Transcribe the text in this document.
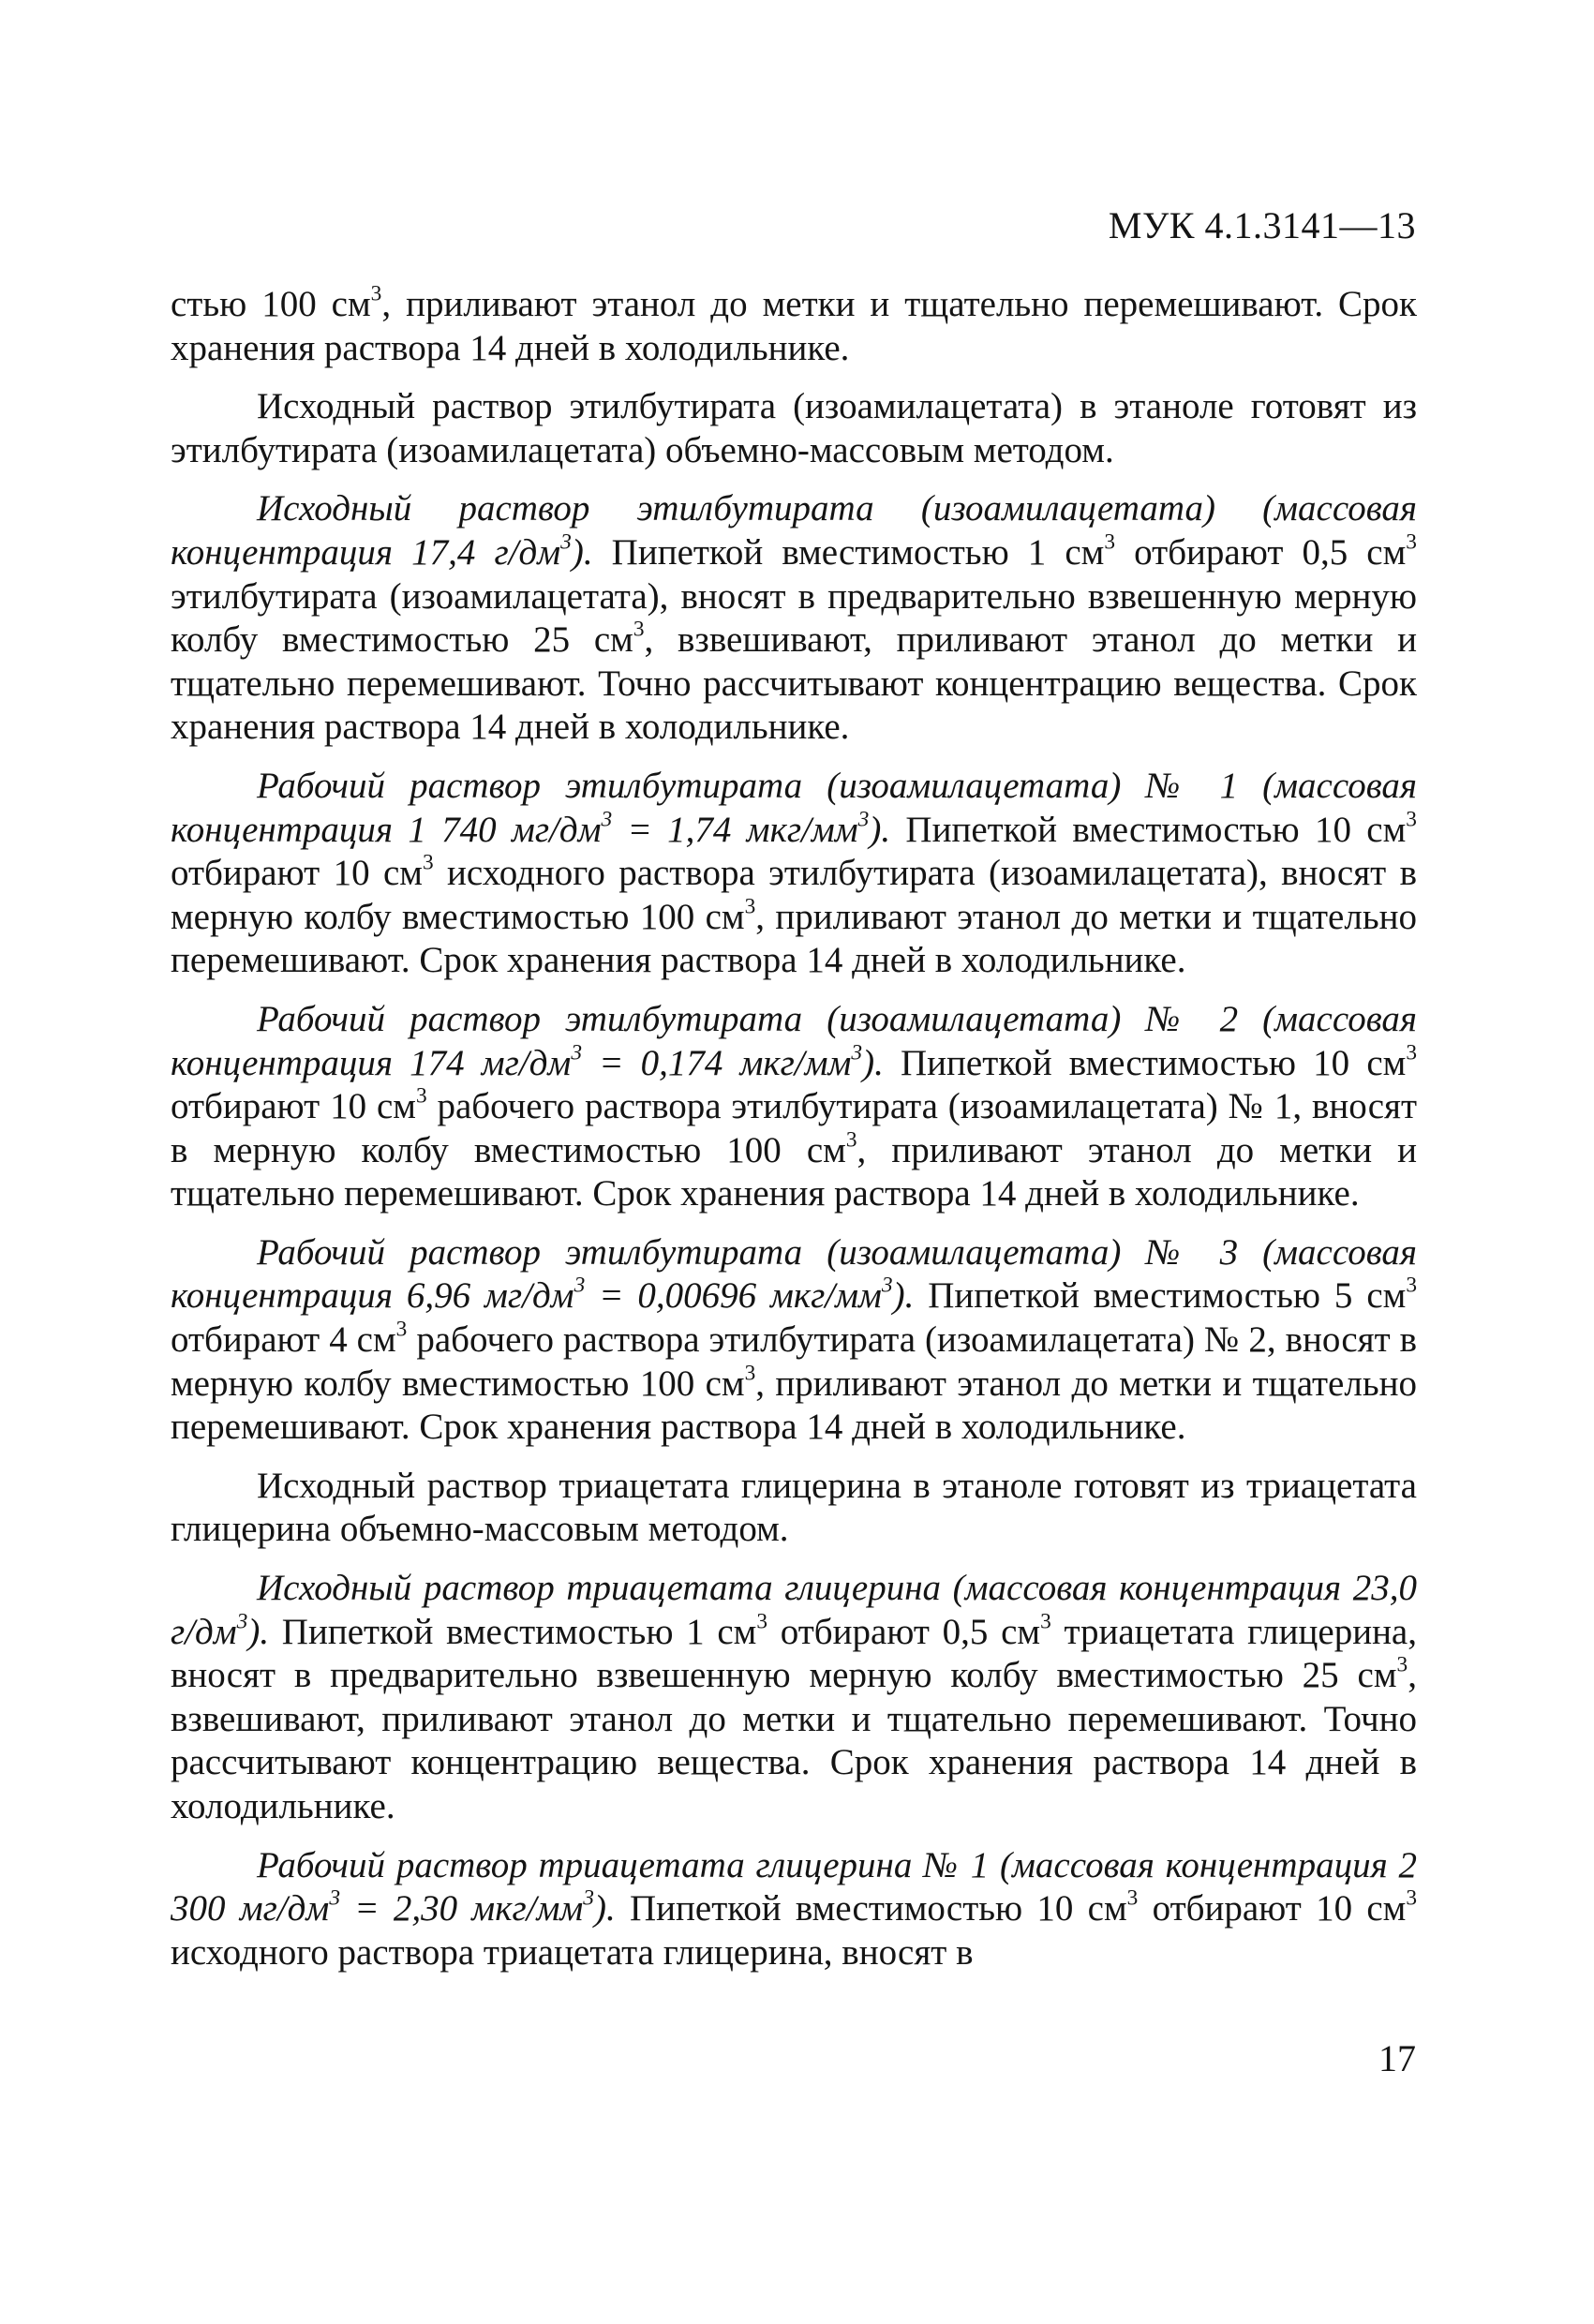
МУК 4.1.3141—13

стью 100 $см^3$, приливают этанол до метки и тщательно перемешивают. Срок хранения раствора 14 дней в холодильнике.

Исходный раствор этилбутирата (изоамилацетата) в этаноле готовят из этилбутирата (изоамилацетата) объемно-массовым методом.

Исходный раствор этилбутирата (изоамилацетата) (массовая концентрация 17,4 $г/дм^3$). Пипеткой вместимостью 1 $см^3$ отбирают 0,5 $см^3$ этилбутирата (изоамилацетата), вносят в предварительно взвешенную мерную колбу вместимостью 25 $см^3$, взвешивают, приливают этанол до метки и тщательно перемешивают. Точно рассчитывают концентрацию вещества. Срок хранения раствора 14 дней в холодильнике.

Рабочий раствор этилбутирата (изоамилацетата) № 1 (массовая концентрация 1 740 $мг/дм^3 = 1,74$ мкг/$мм^3$). Пипеткой вместимостью 10 $см^3$ отбирают 10 $см^3$ исходного раствора этилбутирата (изоамилацетата), вносят в мерную колбу вместимостью 100 $см^3$, приливают этанол до метки и тщательно перемешивают. Срок хранения раствора 14 дней в холодильнике.

Рабочий раствор этилбутирата (изоамилацетата) № 2 (массовая концентрация 174 $мг/дм^3 = 0,174$ мкг/$мм^3$). Пипеткой вместимостью 10 $см^3$ отбирают 10 $см^3$ рабочего раствора этилбутирата (изоамилацетата) № 1, вносят в мерную колбу вместимостью 100 $см^3$, приливают этанол до метки и тщательно перемешивают. Срок хранения раствора 14 дней в холодильнике.

Рабочий раствор этилбутирата (изоамилацетата) № 3 (массовая концентрация 6,96 $мг/дм^3 = 0,00696$ мкг/$мм^3$). Пипеткой вместимостью 5 $см^3$ отбирают 4 $см^3$ рабочего раствора этилбутирата (изоамилацетата) № 2, вносят в мерную колбу вместимостью 100 $см^3$, приливают этанол до метки и тщательно перемешивают. Срок хранения раствора 14 дней в холодильнике.

Исходный раствор триацетата глицерина в этаноле готовят из триацетата глицерина объемно-массовым методом.

Исходный раствор триацетата глицерина (массовая концентрация 23,0 $г/дм^3$). Пипеткой вместимостью 1 $см^3$ отбирают 0,5 $см^3$ триацетата глицерина, вносят в предварительно взвешенную мерную колбу вместимостью 25 $см^3$, взвешивают, приливают этанол до метки и тщательно перемешивают. Точно рассчитывают концентрацию вещества. Срок хранения раствора 14 дней в холодильнике.

Рабочий раствор триацетата глицерина № 1 (массовая концентрация 2 300 $мг/дм^3 = 2,30$ мкг/$мм^3$). Пипеткой вместимостью 10 $см^3$ отбирают 10 $см^3$ исходного раствора триацетата глицерина, вносят в

17
